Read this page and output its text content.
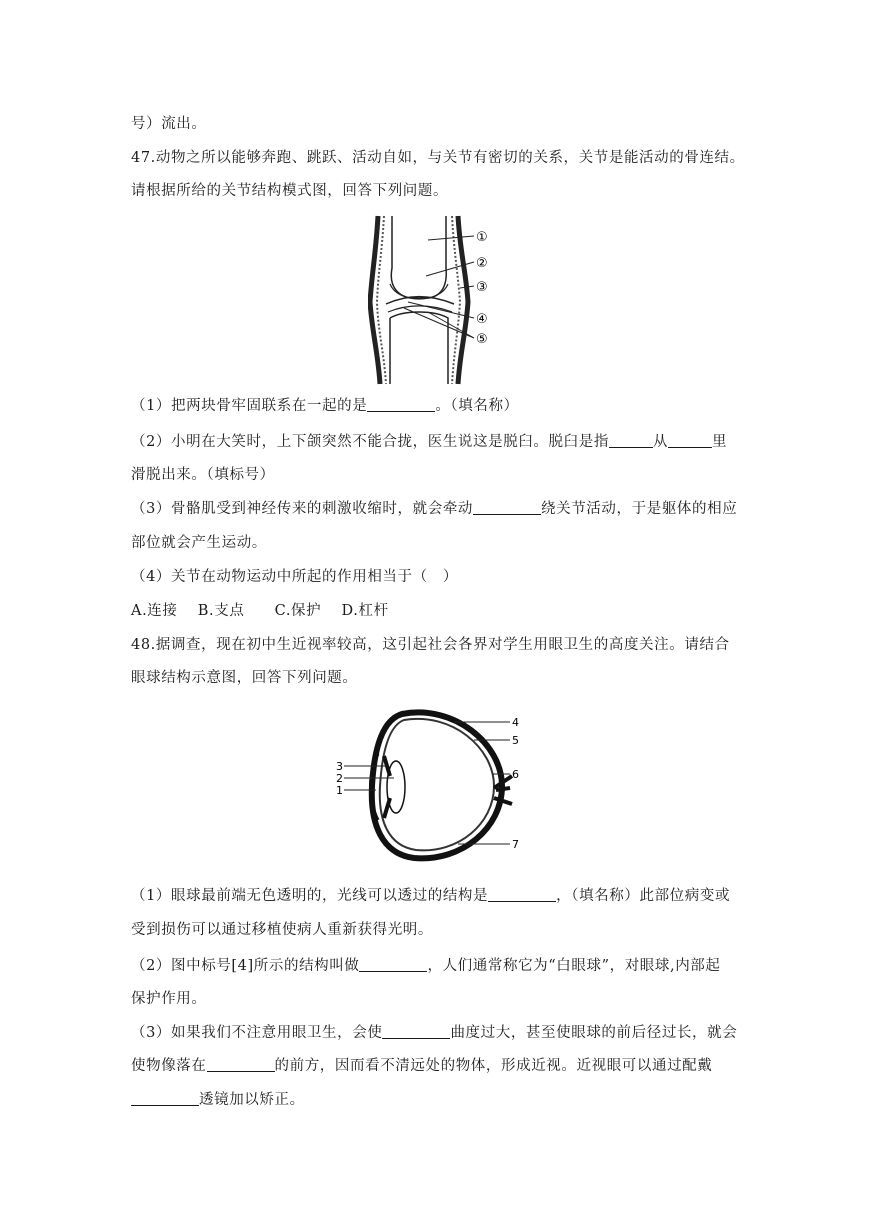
号）流出。
47.动物之所以能够奔跑、跳跃、活动自如，与关节有密切的关系，关节是能活动的骨连结。
请根据所给的关节结构模式图，回答下列问题。
①
②
③
④
⑤
（1）把两块骨牢固联系在一起的是	。（填名称）
（2）小明在大笑时，上下颌突然不能合拢，医生说这是脱臼。脱臼是指	从	里
滑脱出来。（填标号）
（3）骨骼肌受到神经传来的刺激收缩时，就会牵动	绕关节活动，于是躯体的相应
部位就会产生运动。
（4）关节在动物运动中所起的作用相当于（　）
A.连接　 B.支点　　C.保护　 D.杠杆
48.据调查，现在初中生近视率较高，这引起社会各界对学生用眼卫生的高度关注。请结合
眼球结构示意图，回答下列问题。
1
2
3
4
5
6
7
（1）眼球最前端无色透明的，光线可以透过的结构是	，（填名称）此部位病变或
受到损伤可以通过移植使病人重新获得光明。
（2）图中标号[4]所示的结构叫做	，人们通常称它为“白眼球”，对眼球,内部起
保护作用。
（3）如果我们不注意用眼卫生，会使	曲度过大，甚至使眼球的前后径过长，就会
使物像落在	的前方，因而看不清远处的物体，形成近视。近视眼可以通过配戴
透镜加以矫正。
